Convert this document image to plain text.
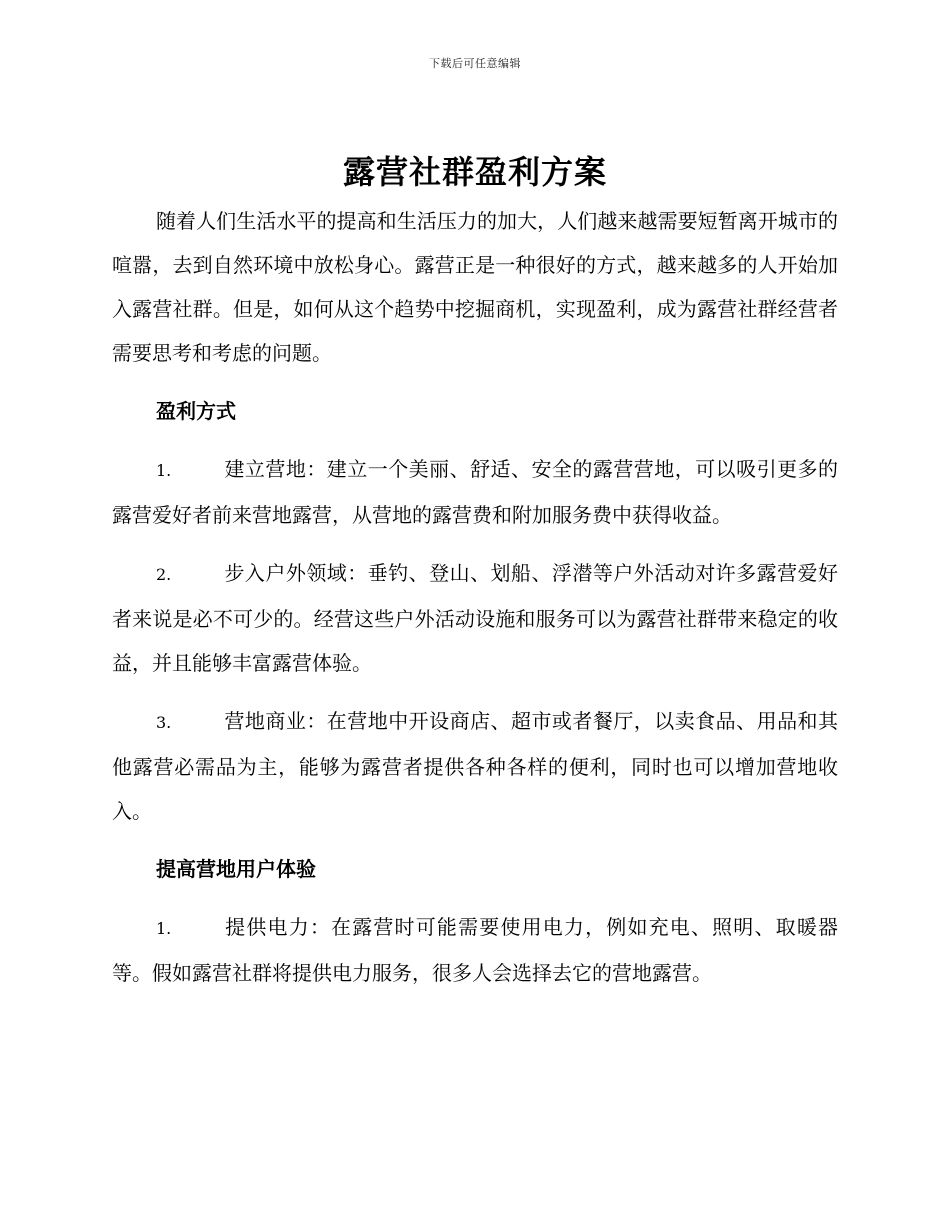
下载后可任意编辑
露营社群盈利方案

随着人们生活水平的提高和生活压力的加大，人们越来越需要短暂离开城市的喧嚣，去到自然环境中放松身心。露营正是一种很好的方式，越来越多的人开始加入露营社群。但是，如何从这个趋势中挖掘商机，实现盈利，成为露营社群经营者需要思考和考虑的问题。

盈利方式

1.	建立营地：建立一个美丽、舒适、安全的露营营地，可以吸引更多的露营爱好者前来营地露营，从营地的露营费和附加服务费中获得收益。

2.	步入户外领域：垂钓、登山、划船、浮潜等户外活动对许多露营爱好者来说是必不可少的。经营这些户外活动设施和服务可以为露营社群带来稳定的收益，并且能够丰富露营体验。

3.	营地商业：在营地中开设商店、超市或者餐厅，以卖食品、用品和其他露营必需品为主，能够为露营者提供各种各样的便利，同时也可以增加营地收入。

提高营地用户体验

1.	提供电力：在露营时可能需要使用电力，例如充电、照明、取暖器等。假如露营社群将提供电力服务，很多人会选择去它的营地露营。
